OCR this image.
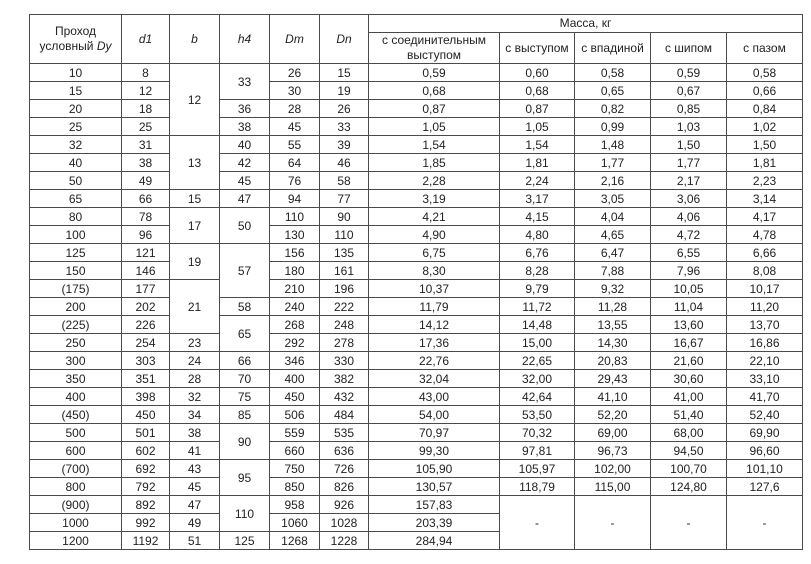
Проход
условный Dy	d1	b	h4	Dm	Dn	Масса, кг				
						с соединительным выступом	с выступом	с впадиной	с шипом	с пазом
10	8	12	33	26	15	0,59	0,60	0,58	0,59	0,58
15	12			30	19	0,68	0,68	0,65	0,67	0,66
20	18		36	28	26	0,87	0,87	0,82	0,85	0,84
25	25		38	45	33	1,05	1,05	0,99	1,03	1,02
32	31	13	40	55	39	1,54	1,54	1,48	1,50	1,50
40	38		42	64	46	1,85	1,81	1,77	1,77	1,81
50	49		45	76	58	2,28	2,24	2,16	2,17	2,23
65	66	15	47	94	77	3,19	3,17	3,05	3,06	3,14
80	78	17	50	110	90	4,21	4,15	4,04	4,06	4,17
100	96			130	110	4,90	4,80	4,65	4,72	4,78
125	121	19	57	156	135	6,75	6,76	6,47	6,55	6,66
150	146			180	161	8,30	8,28	7,88	7,96	8,08
(175)	177	21		210	196	10,37	9,79	9,32	10,05	10,17
200	202		58	240	222	11,79	11,72	11,28	11,04	11,20
(225)	226		65	268	248	14,12	14,48	13,55	13,60	13,70
250	254	23		292	278	17,36	15,00	14,30	16,67	16,86
300	303	24	66	346	330	22,76	22,65	20,83	21,60	22,10
350	351	28	70	400	382	32,04	32,00	29,43	30,60	33,10
400	398	32	75	450	432	43,00	42,64	41,10	41,00	41,70
(450)	450	34	85	506	484	54,00	53,50	52,20	51,40	52,40
500	501	38	90	559	535	70,97	70,32	69,00	68,00	69,90
600	602	41		660	636	99,30	97,81	96,73	94,50	96,60
(700)	692	43	95	750	726	105,90	105,97	102,00	100,70	101,10
800	792	45		850	826	130,57	118,79	115,00	124,80	127,6
(900)	892	47	110	958	926	157,83	-	-	-	-
1000	992	49		1060	1028	203,39				
1200	1192	51	125	1268	1228	284,94				
